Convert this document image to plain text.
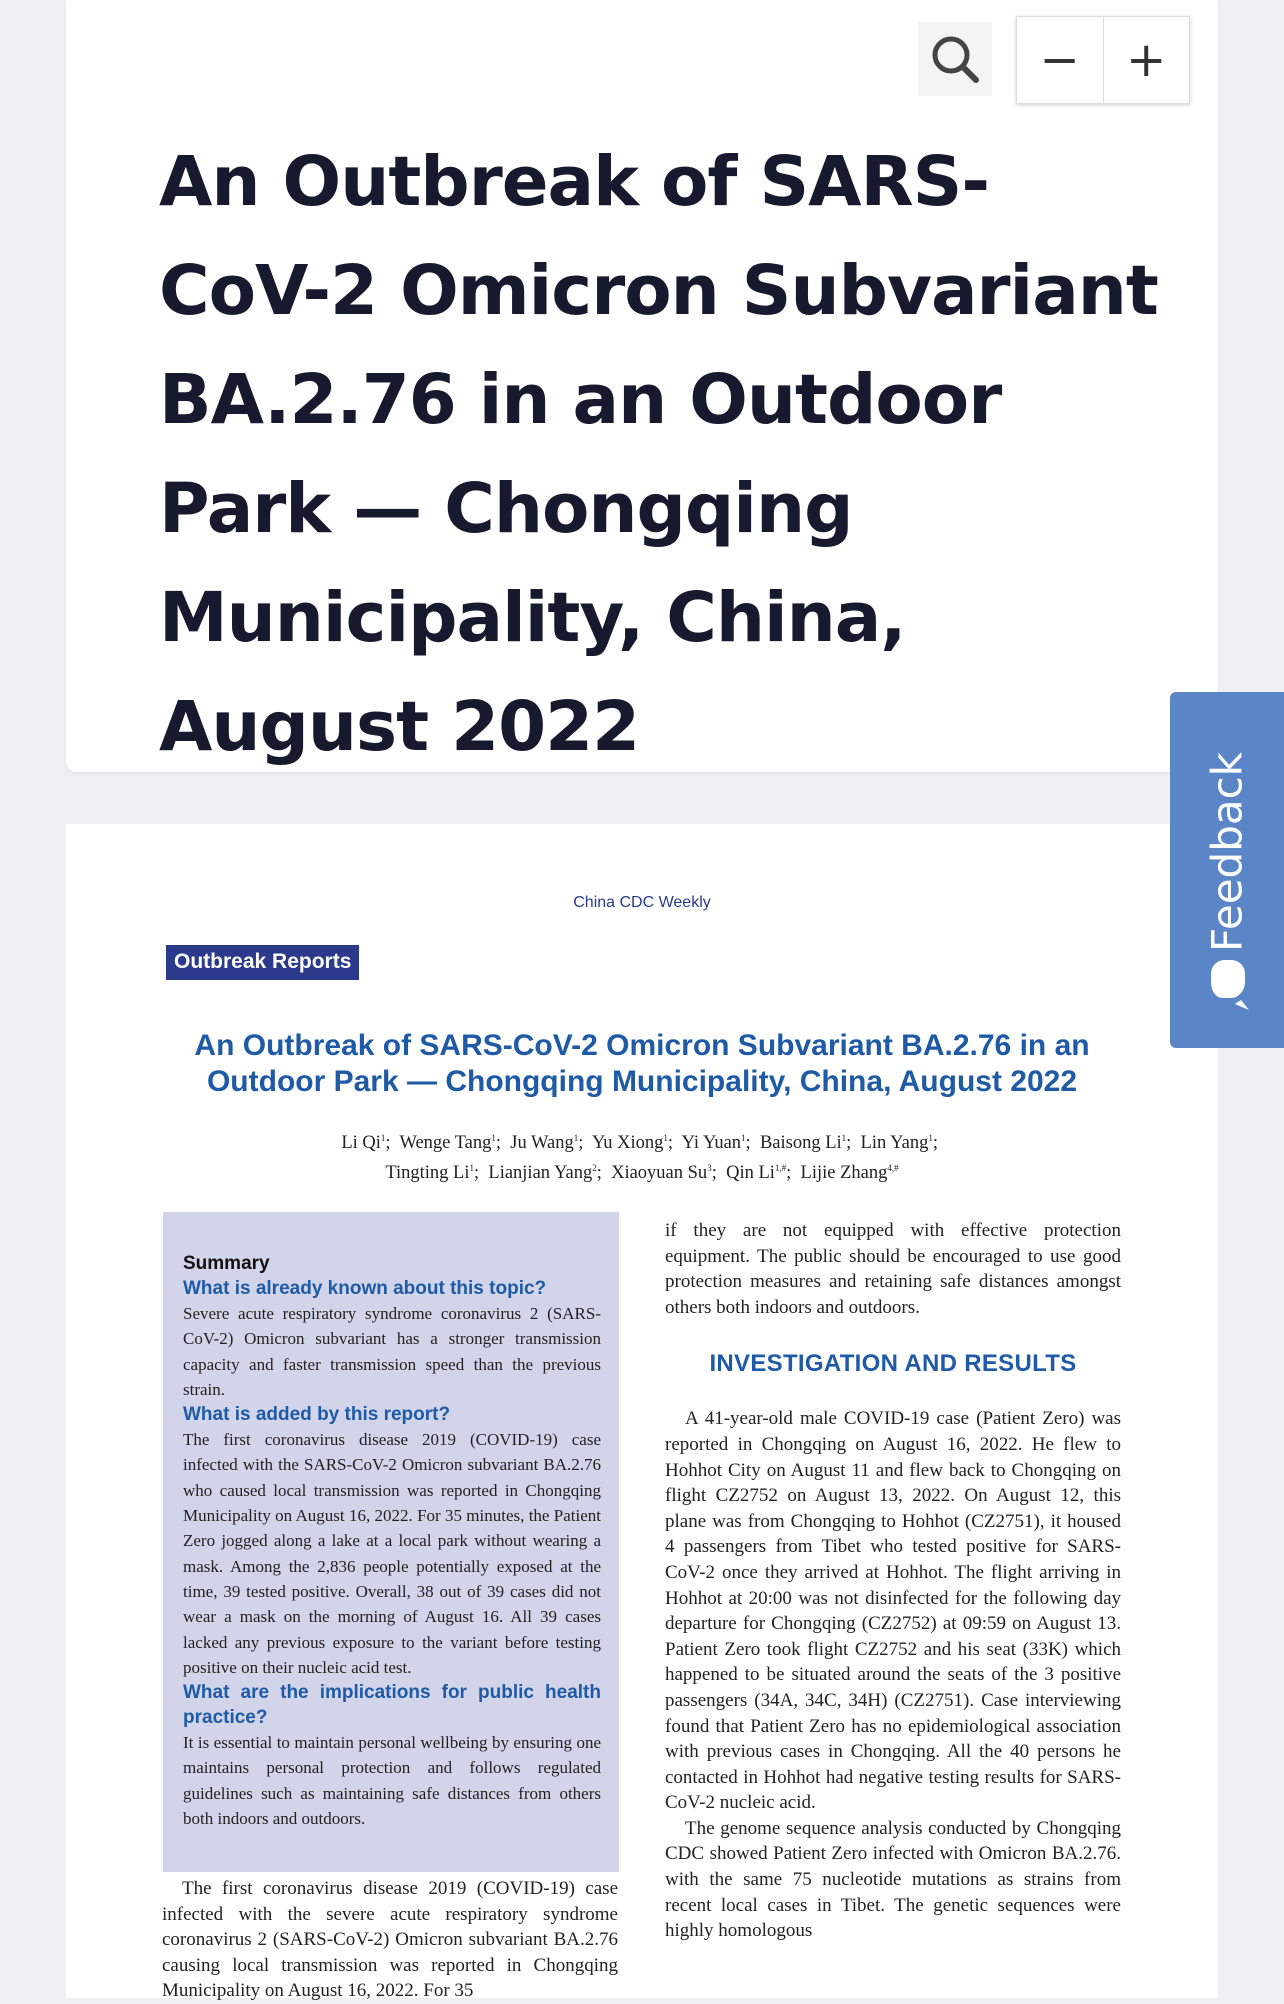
An Outbreak of SARS-CoV-2 Omicron Subvariant BA.2.76 in an Outdoor Park — Chongqing Municipality, China, August 2022
− +
China CDC Weekly
Outbreak Reports
An Outbreak of SARS-CoV-2 Omicron Subvariant BA.2.76 in an Outdoor Park — Chongqing Municipality, China, August 2022
Li Qi$^1$;  Wenge Tang$^1$;  Ju Wang$^1$;  Yu Xiong$^1$;  Yi Yuan$^1$;  Baisong Li$^1$;  Lin Yang$^1$;
Tingting Li$^1$;  Lianjian Yang$^2$;  Xiaoyuan Su$^3$;  Qin $Li^{1,\#}$;  Lijie Zhang$^{4,\#}$
Summary
What is already known about this topic?
Severe acute respiratory syndrome coronavirus 2 (SARS-CoV-2) Omicron subvariant has a stronger transmission capacity and faster transmission speed than the previous strain.
What is added by this report?
The first coronavirus disease 2019 (COVID-19) case infected with the SARS-CoV-2 Omicron subvariant BA.2.76 who caused local transmission was reported in Chongqing Municipality on August 16, 2022. For 35 minutes, the Patient Zero jogged along a lake at a local park without wearing a mask. Among the 2,836 people potentially exposed at the time, 39 tested positive. Overall, 38 out of 39 cases did not wear a mask on the morning of August 16. All 39 cases lacked any previous exposure to the variant before testing positive on their nucleic acid test.
What are the implications for public health practice?
It is essential to maintain personal wellbeing by ensuring one maintains personal protection and follows regulated guidelines such as maintaining safe distances from others both indoors and outdoors.

The first coronavirus disease 2019 (COVID-19) case infected with the severe acute respiratory syndrome coronavirus 2 (SARS-CoV-2) Omicron subvariant BA.2.76 causing local transmission was reported in Chongqing Municipality on August 16, 2022. For 35

if they are not equipped with effective protection equipment. The public should be encouraged to use good protection measures and retaining safe distances amongst others both indoors and outdoors.

INVESTIGATION AND RESULTS

A 41-year-old male COVID-19 case (Patient Zero) was reported in Chongqing on August 16, 2022. He flew to Hohhot City on August 11 and flew back to Chongqing on flight CZ2752 on August 13, 2022. On August 12, this plane was from Chongqing to Hohhot (CZ2751), it housed 4 passengers from Tibet who tested positive for SARS-CoV-2 once they arrived at Hohhot. The flight arriving in Hohhot at 20:00 was not disinfected for the following day departure for Chongqing (CZ2752) at 09:59 on August 13. Patient Zero took flight CZ2752 and his seat (33K) which happened to be situated around the seats of the 3 positive passengers (34A, 34C, 34H) (CZ2751). Case interviewing found that Patient Zero has no epidemiological association with previous cases in Chongqing. All the 40 persons he contacted in Hohhot had negative testing results for SARS-CoV-2 nucleic acid.

The genome sequence analysis conducted by Chongqing CDC showed Patient Zero infected with Omicron BA.2.76. with the same 75 nucleotide mutations as strains from recent local cases in Tibet. The genetic sequences were highly homologous

Feedback
